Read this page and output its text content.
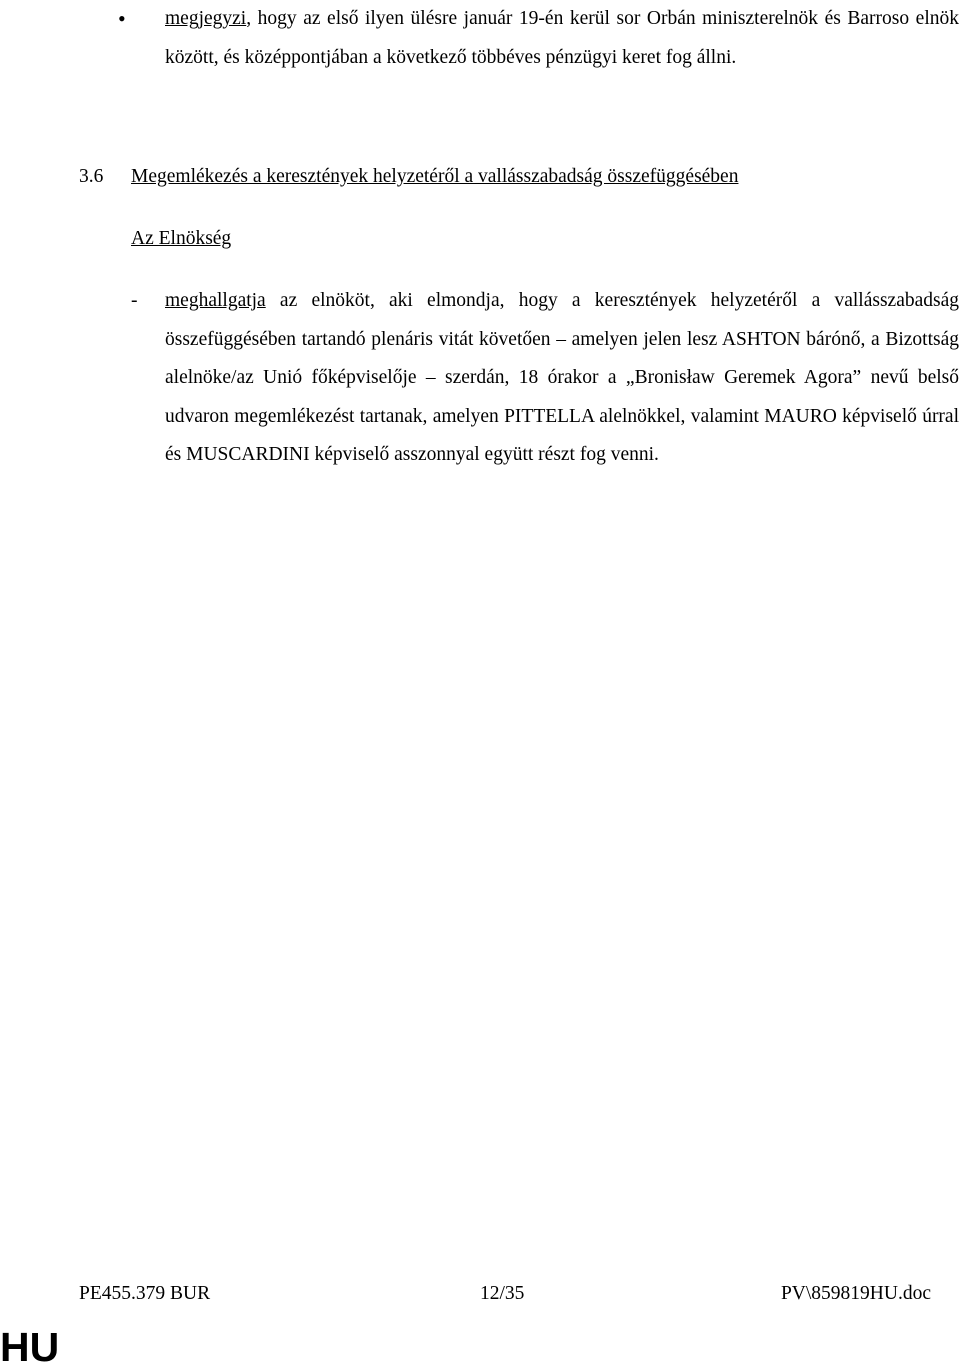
• megjegyzi, hogy az első ilyen ülésre január 19-én kerül sor Orbán miniszterelnök és Barroso elnök között, és középpontjában a következő többéves pénzügyi keret fog állni.
3.6 Megemlékezés a keresztények helyzetéről a vallásszabadság összefüggésében
Az Elnökség
- meghallgatja az elnököt, aki elmondja, hogy a keresztények helyzetéről a vallásszabadság összefüggésében tartandó plenáris vitát követően – amelyen jelen lesz ASHTON bárónő, a Bizottság alelnöke/az Unió főképviselője – szerdán, 18 órakor a „Bronisław Geremek Agora” nevű belső udvaron megemlékezést tartanak, amelyen PITTELLA alelnökkel, valamint MAURO képviselő úrral és MUSCARDINI képviselő asszonnyal együtt részt fog venni.
PE455.379 BUR	12/35	PV\859819HU.doc
HU
